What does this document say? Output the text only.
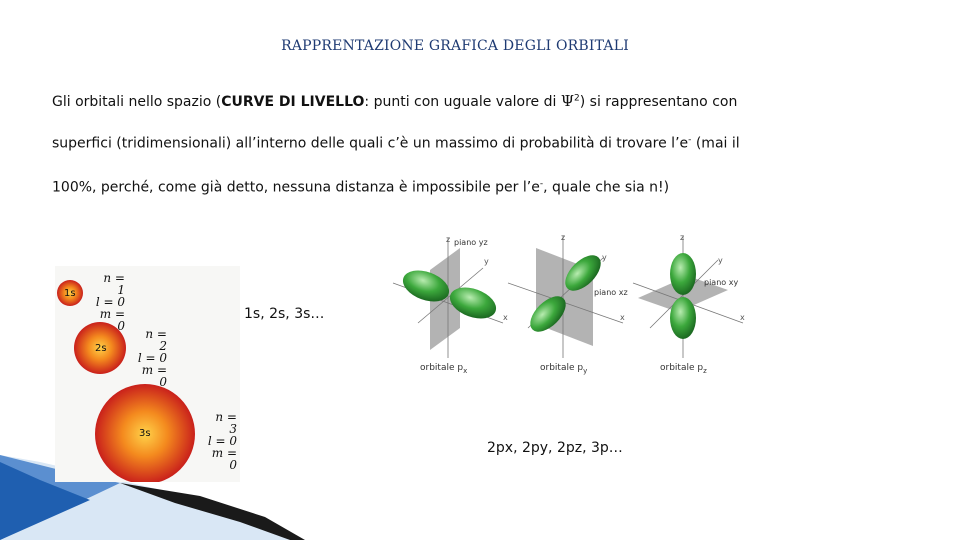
RAPPRENTAZIONE GRAFICA DEGLI ORBITALI
Gli orbitali nello spazio (CURVE DI LIVELLO: punti con uguale valore di $\Psi^2$) si rappresentano con
superfici (tridimensionali) all’interno delle quali c’è un massimo di probabilità di trovare l’e- (mai il
100%, perché, come già detto, nessuna distanza è impossibile per l’e-, quale che sia n!)
1s
2s
3s
n = 1
l = 0
m = 0
n = 2
l = 0
m = 0
n = 3
l = 0
m = 0
1s, 2s, 3s…
z piano yz
y
x
orbitale $p_x$
z
y
piano xz
x
orbitale $p_y$
z
y
piano xy
x
orbitale $p_z$
2px, 2py, 2pz, 3p…
